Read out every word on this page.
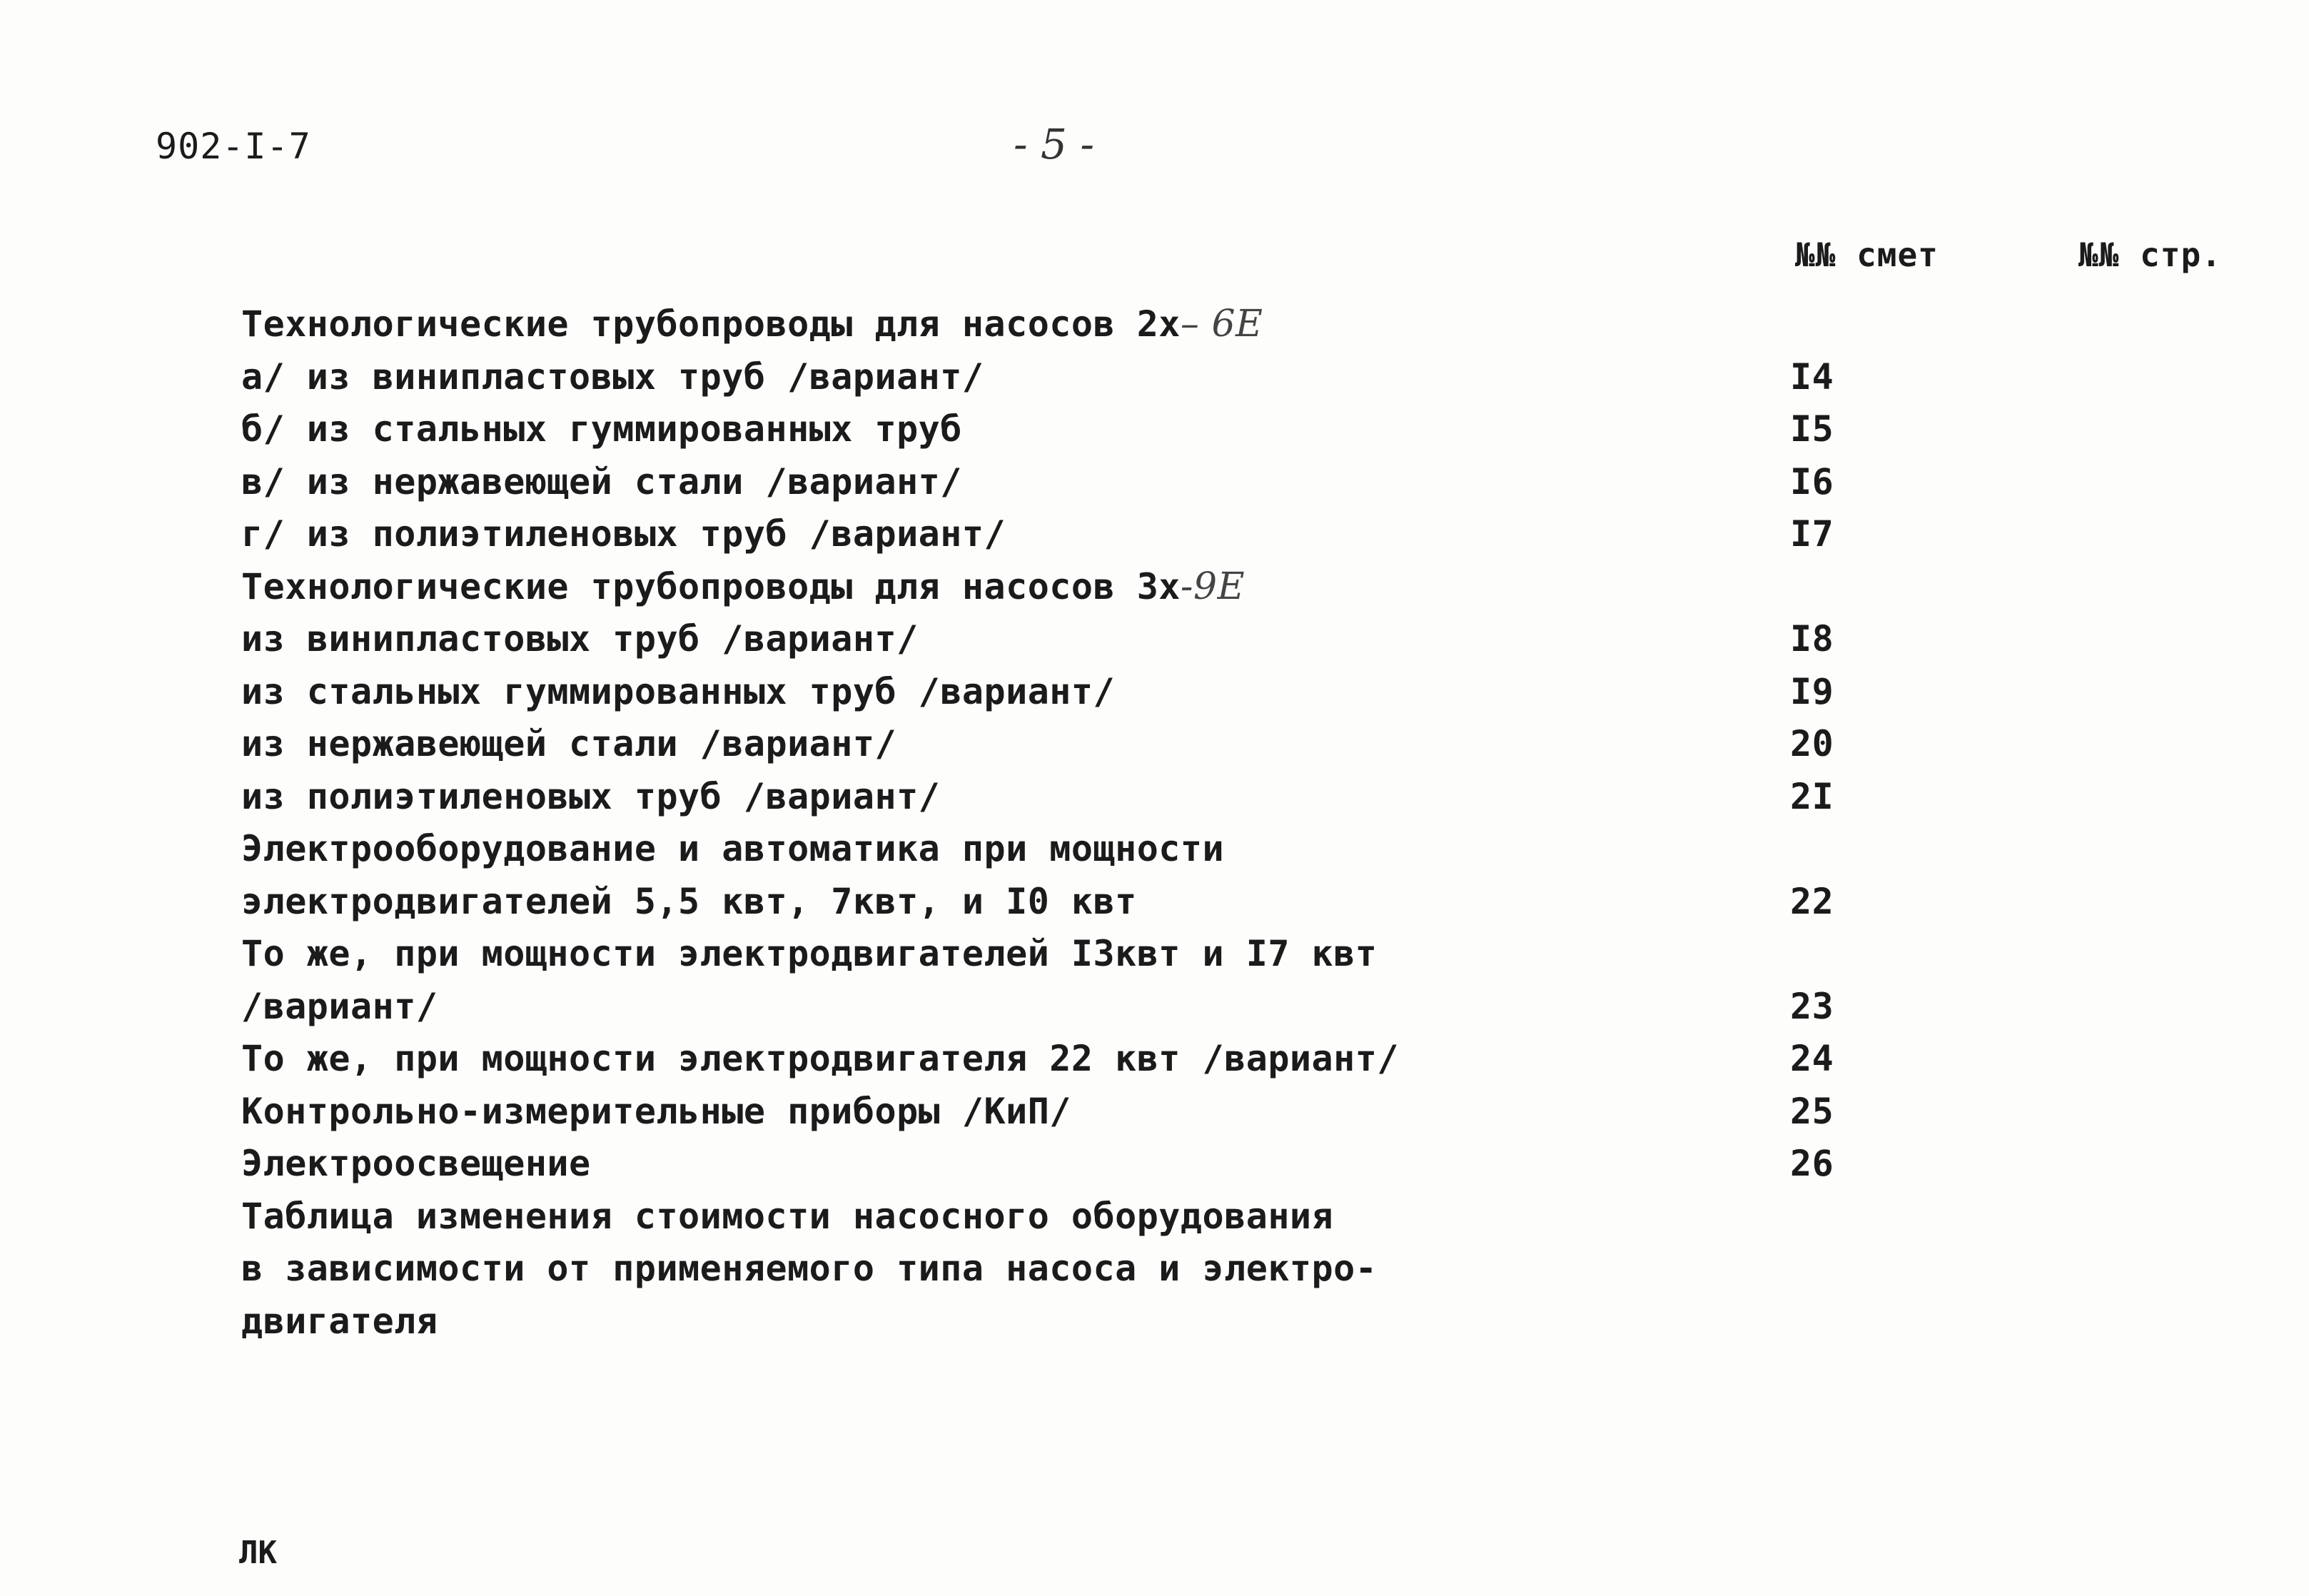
902-I-7	- 5 -
№№ смет	№№ стр.
Технологические трубопроводы для насосов 2х– 6Е
а/ из винипластовых труб /вариант/	I4
б/ из стальных гуммированных труб	I5
в/ из нержавеющей стали /вариант/	I6
г/ из полиэтиленовых труб /вариант/	I7
Технологические трубопроводы для насосов 3х-9Е
из винипластовых труб /вариант/	I8
из стальных гуммированных труб /вариант/	I9
из нержавеющей стали /вариант/	20
из полиэтиленовых труб /вариант/	2I
Электрооборудование и автоматика при мощности
электродвигателей 5,5 квт, 7квт, и I0 квт	22
То же, при мощности электродвигателей I3квт и I7 квт
/вариант/	23
То же, при мощности электродвигателя 22 квт /вариант/	24
Контрольно-измерительные приборы /КиП/	25
Электроосвещение	26
Таблица изменения стоимости насосного оборудования
в зависимости от применяемого типа насоса и электро-
двигателя
ЛК
